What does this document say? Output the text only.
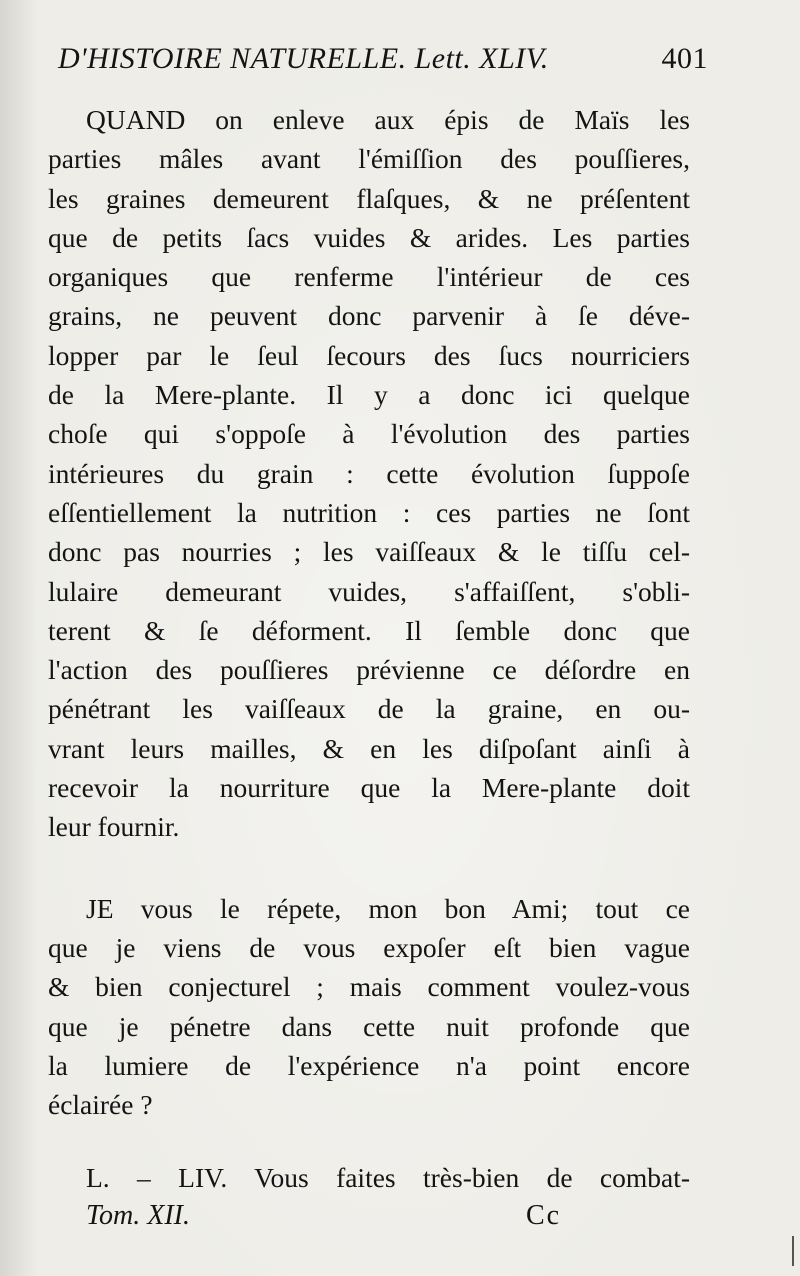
D'HISTOIRE NATURELLE. Lett. XLIV.	401
QUAND on enleve aux épis de Maïs les
parties mâles avant l'émiſſion des pouſſieres,
les graines demeurent flaſques, & ne préſentent
que de petits ſacs vuides & arides. Les parties
organiques que renferme l'intérieur de ces
grains, ne peuvent donc parvenir à ſe déve-
lopper par le ſeul ſecours des ſucs nourriciers
de la Mere-plante. Il y a donc ici quelque
choſe qui s'oppoſe à l'évolution des parties
intérieures du grain : cette évolution ſuppoſe
eſſentiellement la nutrition : ces parties ne ſont
donc pas nourries ; les vaiſſeaux & le tiſſu cel-
lulaire demeurant vuides, s'affaiſſent, s'obli-
terent & ſe déforment. Il ſemble donc que
l'action des pouſſieres prévienne ce déſordre en
pénétrant les vaiſſeaux de la graine, en ou-
vrant leurs mailles, & en les diſpoſant ainſi à
recevoir la nourriture que la Mere-plante doit
leur fournir.
JE vous le répete, mon bon Ami; tout ce
que je viens de vous expoſer eſt bien vague
& bien conjecturel ; mais comment voulez-vous
que je pénetre dans cette nuit profonde que
la lumiere de l'expérience n'a point encore
éclairée ?
L. – LIV. Vous faites très-bien de combat-
Tom. XII.	Cc
